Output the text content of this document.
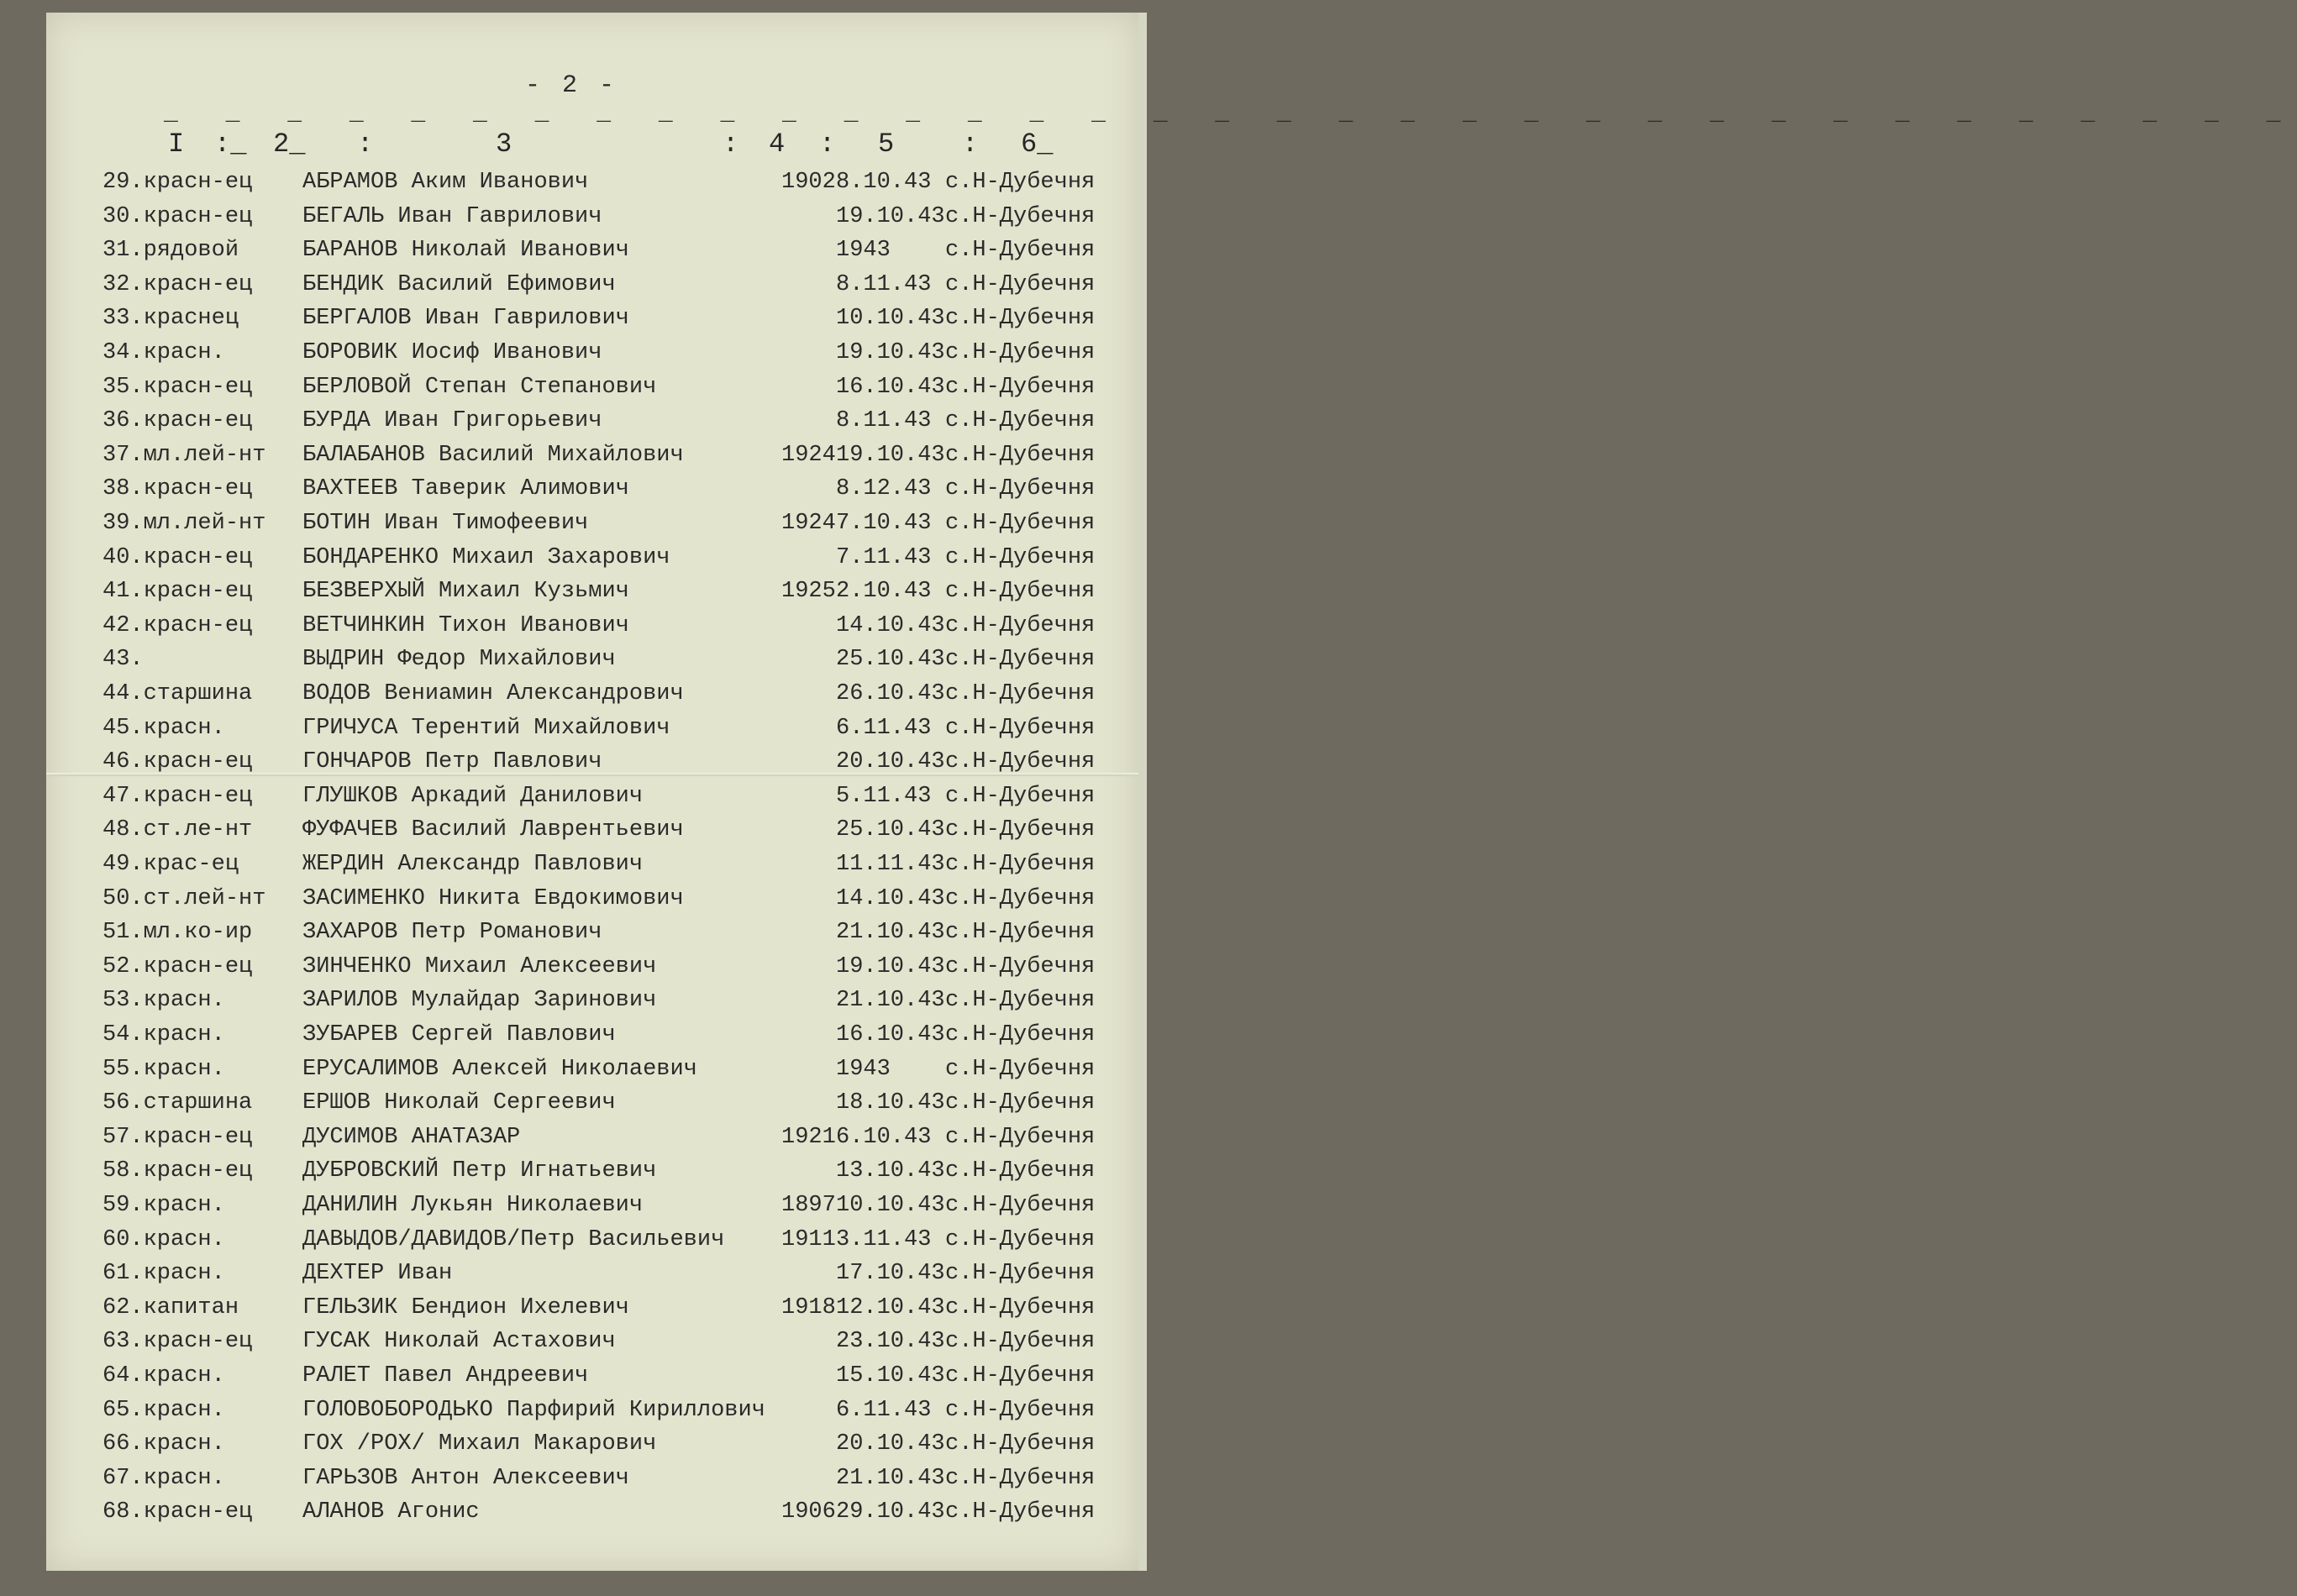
- 2 -
_ _ _ _ _ _ _ _ _ _ _ _ _ _ _ _ _ _ _ _ _ _ _ _ _ _ _ _ _ _ _ _ _ _ _
I :_ 2_ :	3	: 4 : 5	: 6_
29.красн-ец АБРАМОВ Аким Иванович	1902 8.10.43 с.Н-Дубечня
30.красн-ец БЕГАЛЬ Иван Гаврилович	19.10.43 с.Н-Дубечня
31.рядовой	БАРАНОВ Николай Иванович	1943 с.Н-Дубечня
32.красн-ец БЕНДИК Василий Ефимович	8.11.43 с.Н-Дубечня
33.краснец	БЕРГАЛОВ Иван Гаврилович	10.10.43 с.Н-Дубечня
34.красн.	БОРОВИК Иосиф Иванович	19.10.43 с.Н-Дубечня
35.красн-ец БЕРЛОВОЙ Степан Степанович	16.10.43 с.Н-Дубечня
36.красн-ец БУРДА Иван Григорьевич	8.11.43 с.Н-Дубечня
37.мл.лей-нт БАЛАБАНОВ Василий Михайлович	1924 19.10.43 с.Н-Дубечня
38.красн-ец ВАХТЕЕВ Таверик Алимович	8.12.43 с.Н-Дубечня
39.мл.лей-нт БОТИН Иван Тимофеевич	1924 7.10.43 с.Н-Дубечня
40.красн-ец БОНДАРЕНКО Михаил Захарович	7.11.43 с.Н-Дубечня
41.красн-ец БЕЗВЕРХЫЙ Михаил Кузьмич	1925 2.10.43 с.Н-Дубечня
42.красн-ец ВЕТЧИНКИН Тихон Иванович	14.10.43 с.Н-Дубечня
43.	ВЫДРИН Федор Михайлович	25.10.43 с.Н-Дубечня
44.старшина ВОДОВ Вениамин Александрович	26.10.43 с.Н-Дубечня
45.красн.	ГРИЧУСА Терентий Михайлович	6.11.43 с.Н-Дубечня
46.красн-ец ГОНЧАРОВ Петр Павлович	20.10.43 с.Н-Дубечня
47.красн-ец ГЛУШКОВ Аркадий Данилович	5.11.43 с.Н-Дубечня
48.ст.ле-нт ФУФАЧЕВ Василий Лаврентьевич	25.10.43 с.Н-Дубечня
49.крас-ец	ЖЕРДИН Александр Павлович	11.11.43 с.Н-Дубечня
50.ст.лей-нт ЗАСИМЕНКО Никита Евдокимович	14.10.43 с.Н-Дубечня
51.мл.ко-ир ЗАХАРОВ Петр Романович	21.10.43 с.Н-Дубечня
52.красн-ец ЗИНЧЕНКО Михаил Алексеевич	19.10.43 с.Н-Дубечня
53.красн.	ЗАРИЛОВ Мулайдар Заринович	21.10.43 с.Н-Дубечня
54.красн.	ЗУБАРЕВ Сергей Павлович	16.10.43 с.Н-Дубечня
55.красн.	ЕРУСАЛИМОВ Алексей Николаевич	1943 с.Н-Дубечня
56.старшина ЕРШОВ Николай Сергеевич	18.10.43 с.Н-Дубечня
57.красн-ец ДУСИМОВ АНАТАЗАР	1921 6.10.43 с.Н-Дубечня
58.красн-ец ДУБРОВСКИЙ Петр Игнатьевич	13.10.43 с.Н-Дубечня
59.красн.	ДАНИЛИН Лукьян Николаевич	1897 10.10.43 с.Н-Дубечня
60.красн.	ДАВЫДОВ/ДАВИДОВ/Петр Васильевич	1911 3.11.43 с.Н-Дубечня
61.красн.	ДЕХТЕР Иван	17.10.43 с.Н-Дубечня
62.капитан	ГЕЛЬЗИК Бендион Ихелевич	1918 12.10.43 с.Н-Дубечня
63.красн-ец ГУСАК Николай Астахович	23.10.43 с.Н-Дубечня
64.красн.	РАЛЕТ Павел Андреевич	15.10.43 с.Н-Дубечня
65.красн.	ГОЛОВОБОРОДЬКО Парфирий Кириллович	6.11.43 с.Н-Дубечня
66.красн.	ГОХ /РОХ/ Михаил Макарович	20.10.43 с.Н-Дубечня
67.красн.	ГАРЬЗОВ Антон Алексеевич	21.10.43 с.Н-Дубечня
68.красн-ец АЛАНОВ Агонис	1906 29.10.43 с.Н-Дубечня
